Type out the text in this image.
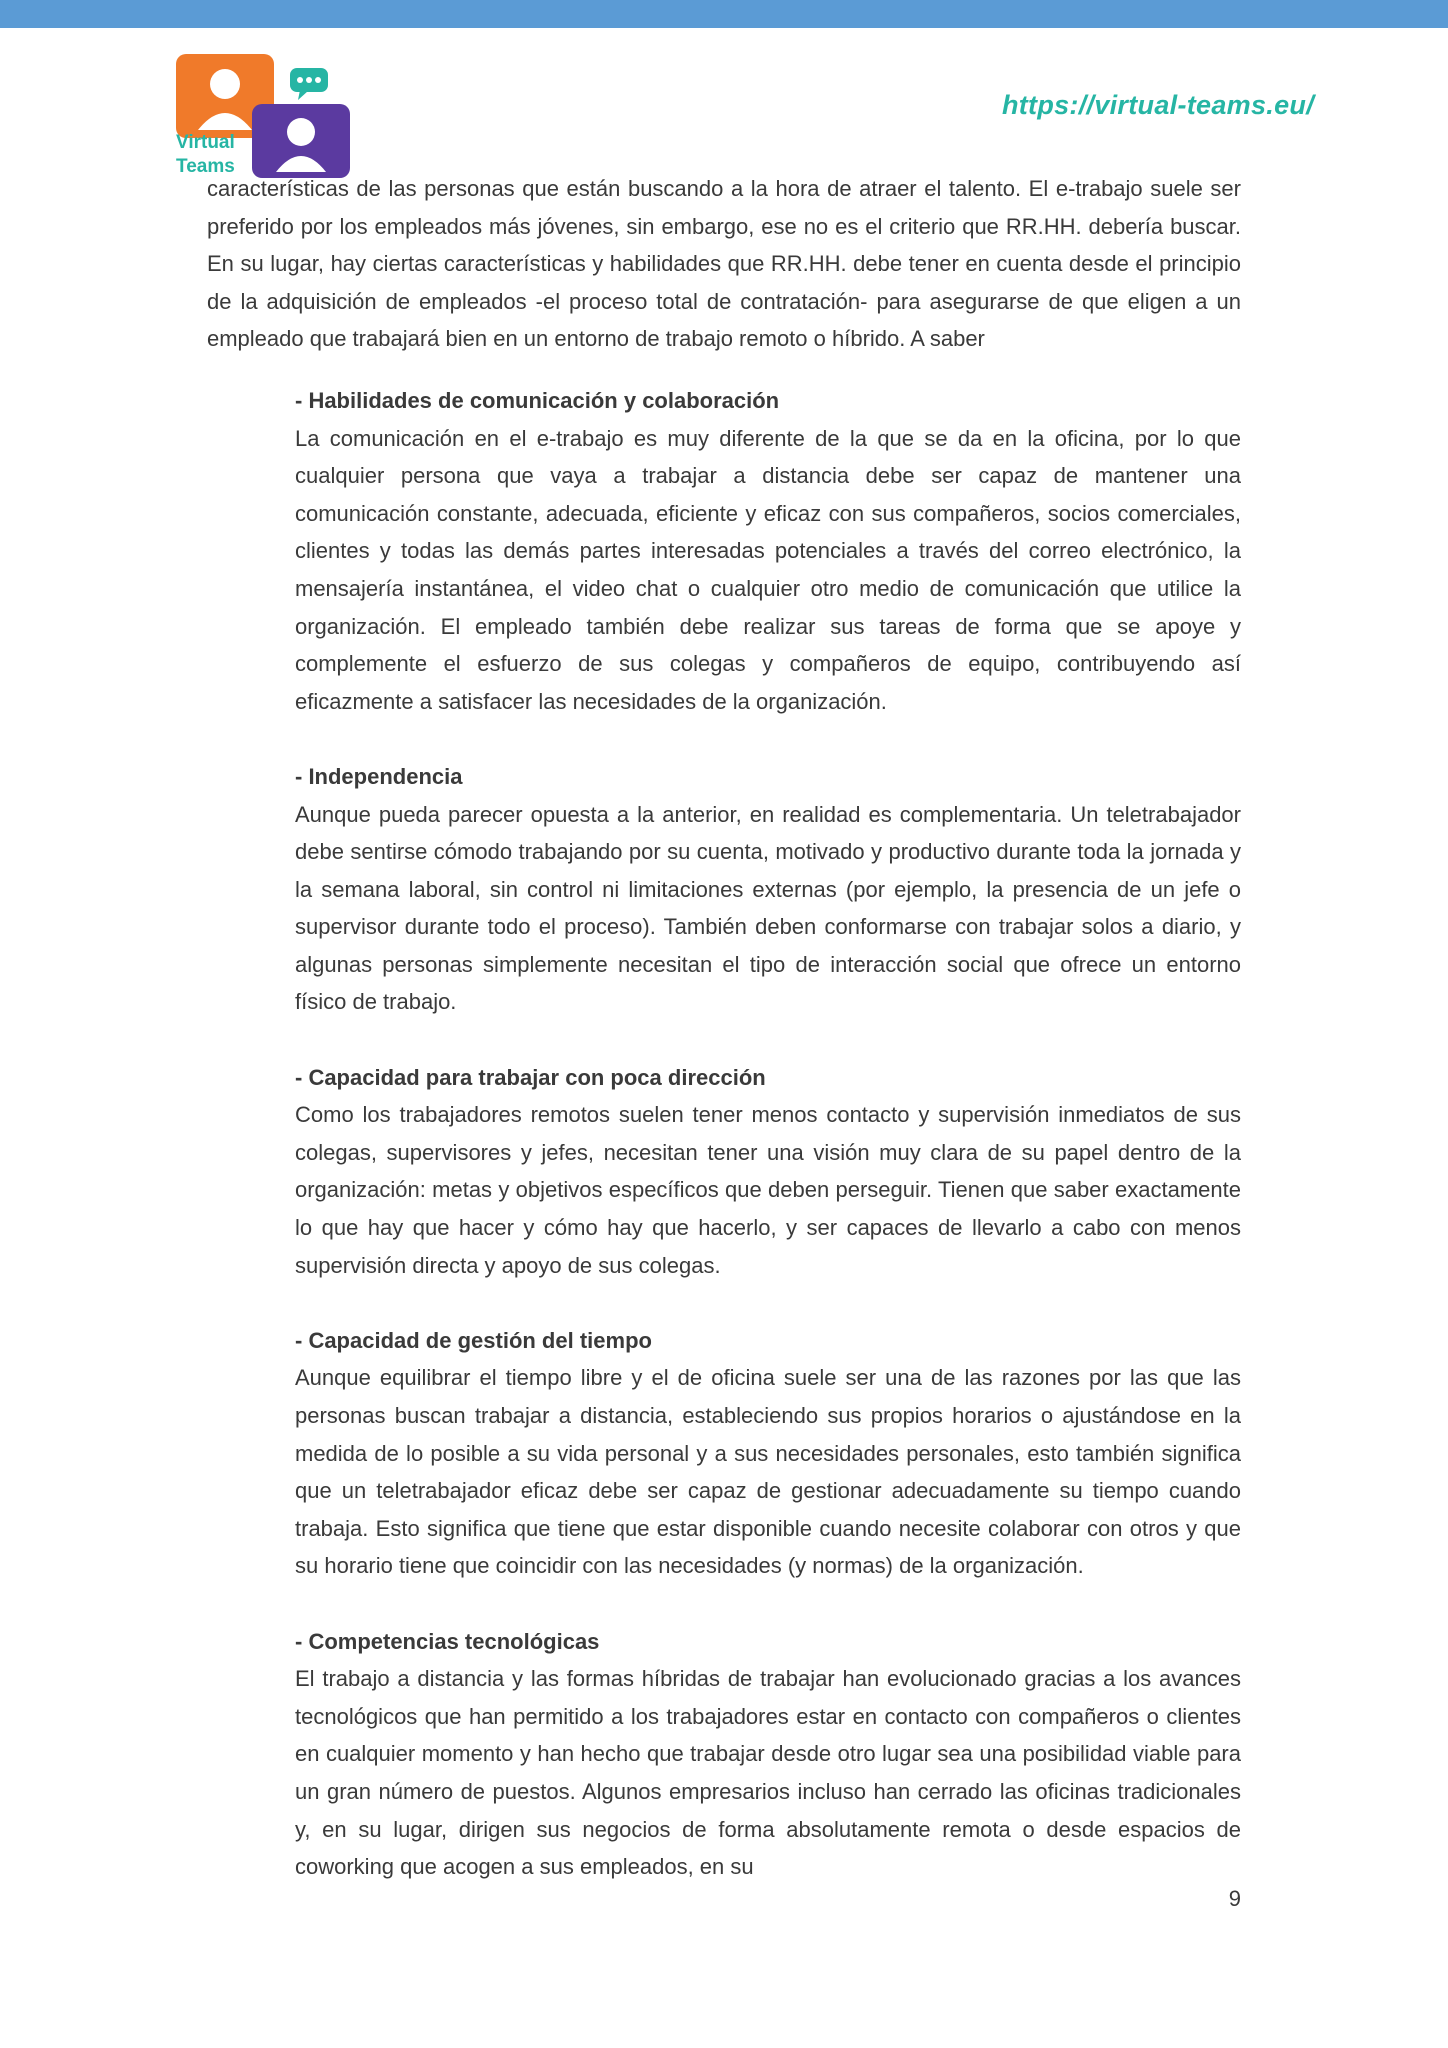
Virtual
Teams
https://virtual-teams.eu/

características de las personas que están buscando a la hora de atraer el talento. El e-trabajo suele ser preferido por los empleados más jóvenes, sin embargo, ese no es el criterio que RR.HH. debería buscar. En su lugar, hay ciertas características y habilidades que RR.HH. debe tener en cuenta desde el principio de la adquisición de empleados -el proceso total de contratación- para asegurarse de que eligen a un empleado que trabajará bien en un entorno de trabajo remoto o híbrido. A saber

- Habilidades de comunicación y colaboración

La comunicación en el e-trabajo es muy diferente de la que se da en la oficina, por lo que cualquier persona que vaya a trabajar a distancia debe ser capaz de mantener una comunicación constante, adecuada, eficiente y eficaz con sus compañeros, socios comerciales, clientes y todas las demás partes interesadas potenciales a través del correo electrónico, la mensajería instantánea, el video chat o cualquier otro medio de comunicación que utilice la organización. El empleado también debe realizar sus tareas de forma que se apoye y complemente el esfuerzo de sus colegas y compañeros de equipo, contribuyendo así eficazmente a satisfacer las necesidades de la organización.

- Independencia

Aunque pueda parecer opuesta a la anterior, en realidad es complementaria. Un teletrabajador debe sentirse cómodo trabajando por su cuenta, motivado y productivo durante toda la jornada y la semana laboral, sin control ni limitaciones externas (por ejemplo, la presencia de un jefe o supervisor durante todo el proceso). También deben conformarse con trabajar solos a diario, y algunas personas simplemente necesitan el tipo de interacción social que ofrece un entorno físico de trabajo.

- Capacidad para trabajar con poca dirección

Como los trabajadores remotos suelen tener menos contacto y supervisión inmediatos de sus colegas, supervisores y jefes, necesitan tener una visión muy clara de su papel dentro de la organización: metas y objetivos específicos que deben perseguir. Tienen que saber exactamente lo que hay que hacer y cómo hay que hacerlo, y ser capaces de llevarlo a cabo con menos supervisión directa y apoyo de sus colegas.

- Capacidad de gestión del tiempo

Aunque equilibrar el tiempo libre y el de oficina suele ser una de las razones por las que las personas buscan trabajar a distancia, estableciendo sus propios horarios o ajustándose en la medida de lo posible a su vida personal y a sus necesidades personales, esto también significa que un teletrabajador eficaz debe ser capaz de gestionar adecuadamente su tiempo cuando trabaja. Esto significa que tiene que estar disponible cuando necesite colaborar con otros y que su horario tiene que coincidir con las necesidades (y normas) de la organización.

- Competencias tecnológicas

El trabajo a distancia y las formas híbridas de trabajar han evolucionado gracias a los avances tecnológicos que han permitido a los trabajadores estar en contacto con compañeros o clientes en cualquier momento y han hecho que trabajar desde otro lugar sea una posibilidad viable para un gran número de puestos. Algunos empresarios incluso han cerrado las oficinas tradicionales y, en su lugar, dirigen sus negocios de forma absolutamente remota o desde espacios de coworking que acogen a sus empleados, en su

9
